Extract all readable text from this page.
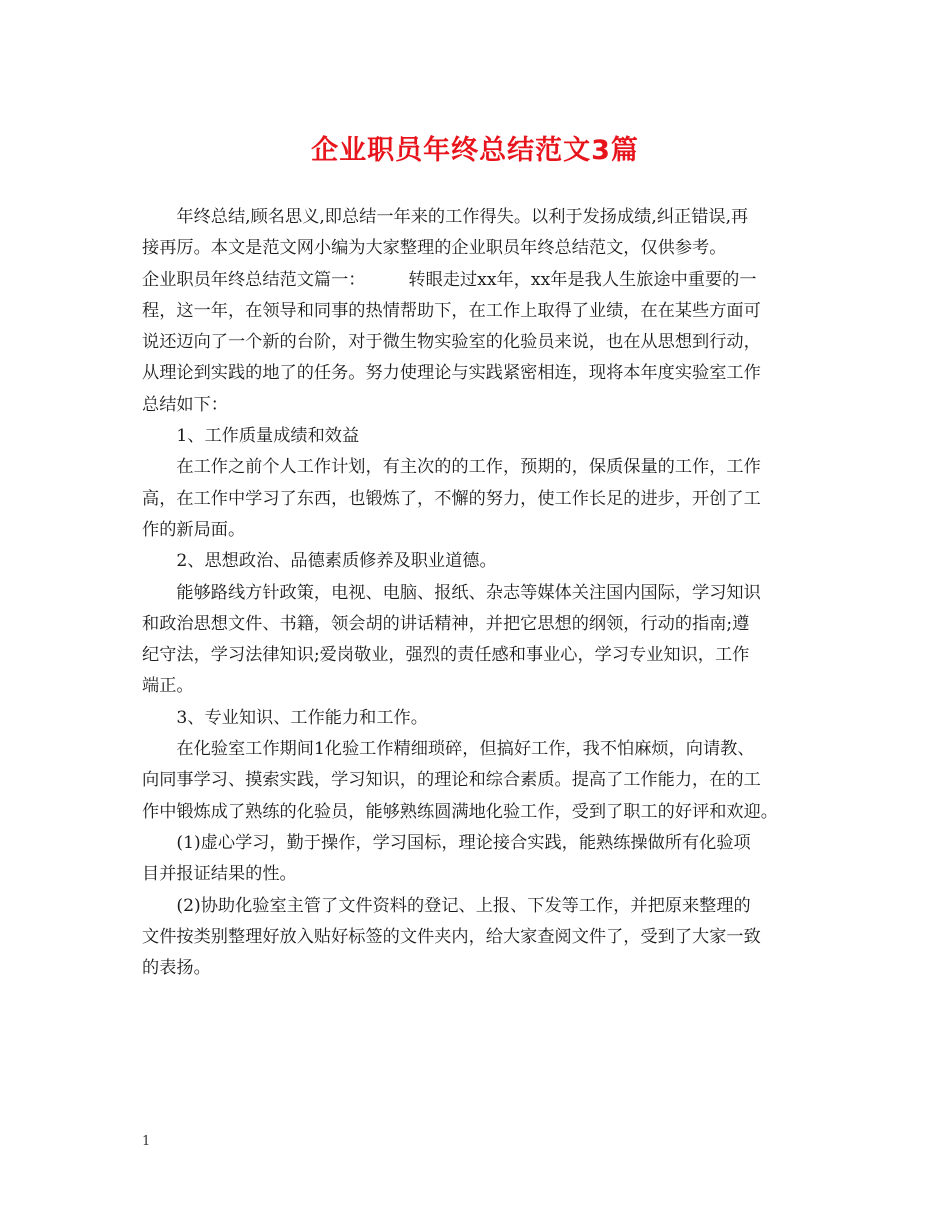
企业职员年终总结范文3篇
　　年终总结,顾名思义,即总结一年来的工作得失。以利于发扬成绩,纠正错误,再
接再厉。本文是范文网小编为大家整理的企业职员年终总结范文，仅供参考。
企业职员年终总结范文篇一：　　　转眼走过xx年，xx年是我人生旅途中重要的一
程，这一年，在领导和同事的热情帮助下，在工作上取得了业绩，在在某些方面可
说还迈向了一个新的台阶，对于微生物实验室的化验员来说，也在从思想到行动，
从理论到实践的地了的任务。努力使理论与实践紧密相连，现将本年度实验室工作
总结如下：
　　1、工作质量成绩和效益
　　在工作之前个人工作计划，有主次的的工作，预期的，保质保量的工作，工作
高，在工作中学习了东西，也锻炼了，不懈的努力，使工作长足的进步，开创了工
作的新局面。
　　2、思想政治、品德素质修养及职业道德。
　　能够路线方针政策，电视、电脑、报纸、杂志等媒体关注国内国际，学习知识
和政治思想文件、书籍，领会胡的讲话精神，并把它思想的纲领，行动的指南;遵
纪守法，学习法律知识;爱岗敬业，强烈的责任感和事业心，学习专业知识，工作
端正。
　　3、专业知识、工作能力和工作。
　　在化验室工作期间1化验工作精细琐碎，但搞好工作，我不怕麻烦，向请教、
向同事学习、摸索实践，学习知识，的理论和综合素质。提高了工作能力，在的工
作中锻炼成了熟练的化验员，能够熟练圆满地化验工作，受到了职工的好评和欢迎。
　　(1)虚心学习，勤于操作，学习国标，理论接合实践，能熟练操做所有化验项
目并报证结果的性。
　　(2)协助化验室主管了文件资料的登记、上报、下发等工作，并把原来整理的
文件按类别整理好放入贴好标签的文件夹内，给大家查阅文件了，受到了大家一致
的表扬。
1
